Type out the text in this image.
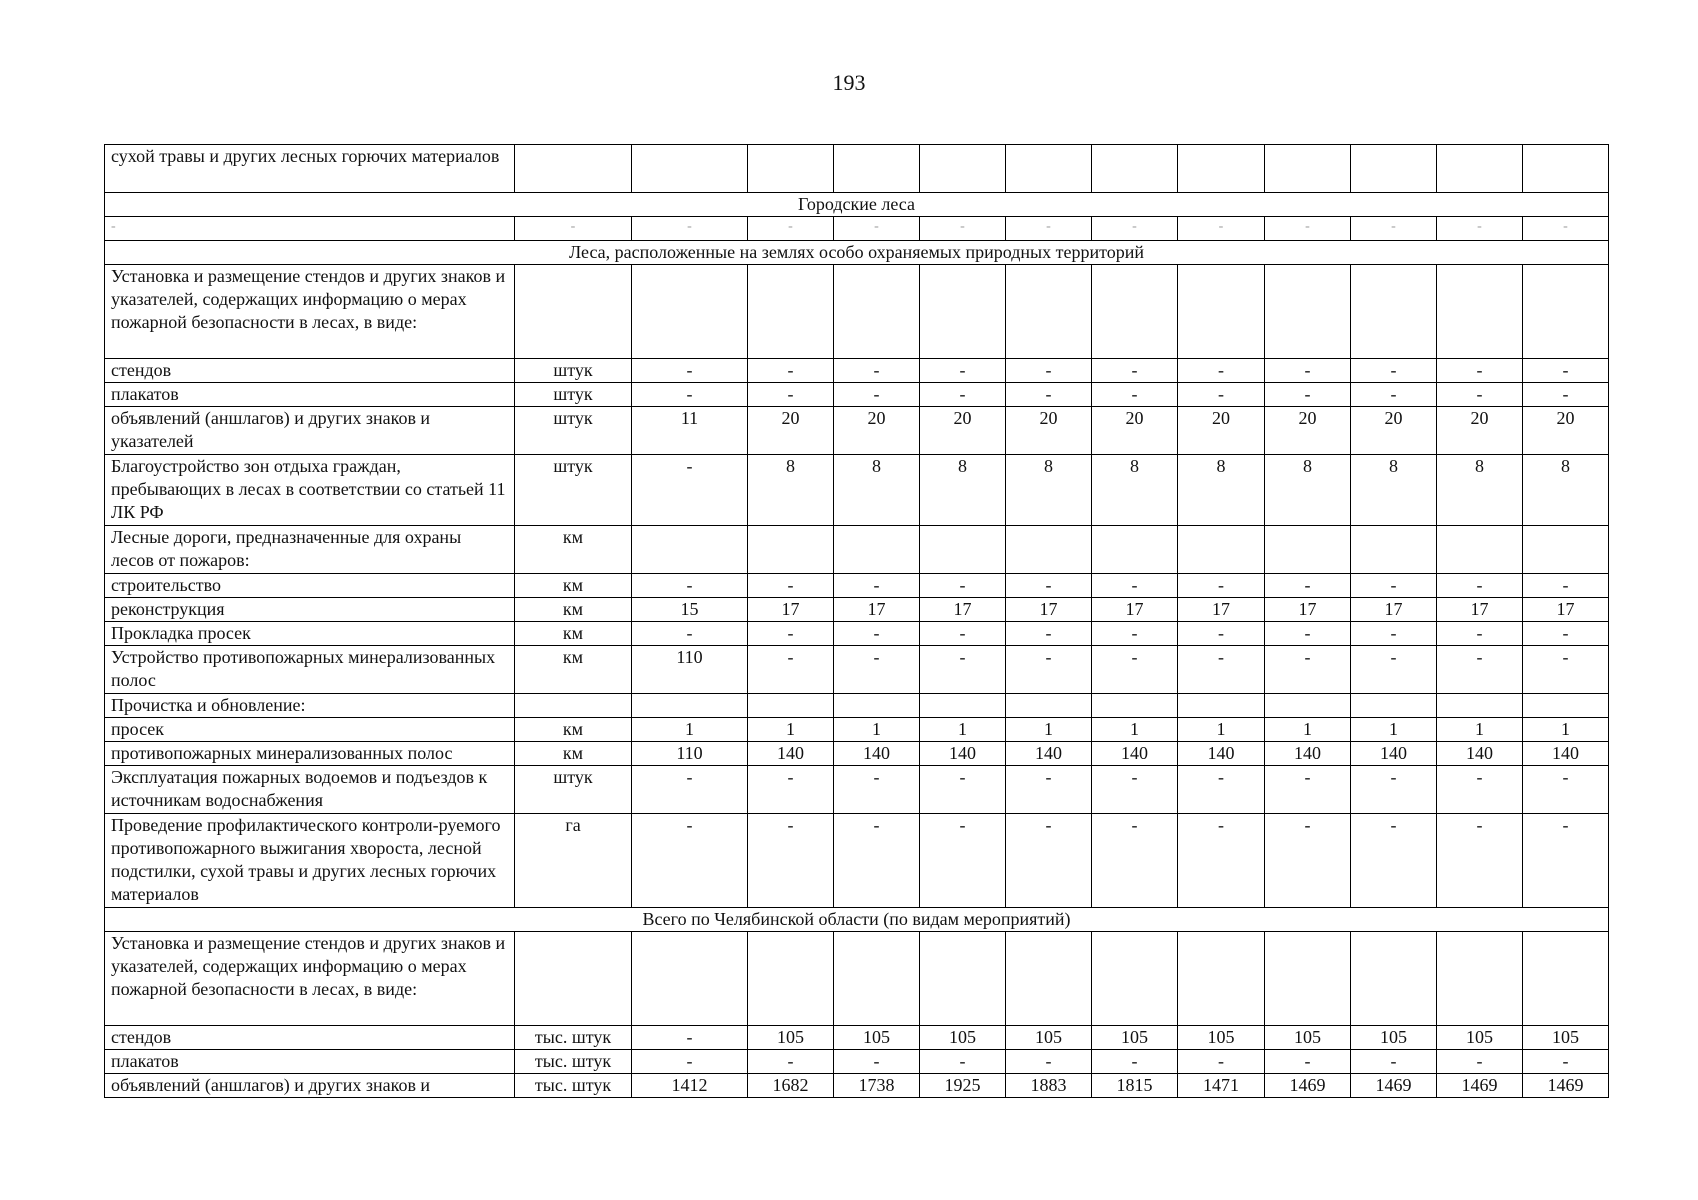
193
сухой травы и других лесных горючих материалов												
Городские леса												
-	-	-	-	-	-	-	-	-	-	-	-	-
Леса, расположенные на землях особо охраняемых природных территорий												
Установка и размещение стендов и других знаков и указателей, содержащих информацию о мерах пожарной безопасности в лесах, в виде:												
стендов	штук	-	-	-	-	-	-	-	-	-	-	-
плакатов	штук	-	-	-	-	-	-	-	-	-	-	-
объявлений (аншлагов) и других знаков и указателей	штук	11	20	20	20	20	20	20	20	20	20	20
Благоустройство зон отдыха граждан, пребывающих в лесах в соответствии со статьей 11 ЛК РФ	штук	-	8	8	8	8	8	8	8	8	8	8
Лесные дороги, предназначенные для охраны лесов от пожаров:	км											
строительство	км	-	-	-	-	-	-	-	-	-	-	-
реконструкция	км	15	17	17	17	17	17	17	17	17	17	17
Прокладка просек	км	-	-	-	-	-	-	-	-	-	-	-
Устройство противопожарных минерализованных полос	км	110	-	-	-	-	-	-	-	-	-	-
Прочистка и обновление:												
просек	км	1	1	1	1	1	1	1	1	1	1	1
противопожарных минерализованных полос	км	110	140	140	140	140	140	140	140	140	140	140
Эксплуатация пожарных водоемов и подъездов к источникам водоснабжения	штук	-	-	-	-	-	-	-	-	-	-	-
Проведение профилактического контроли-руемого противопожарного выжигания хвороста, лесной подстилки, сухой травы и других лесных горючих материалов	га	-	-	-	-	-	-	-	-	-	-	-
Всего по Челябинской области (по видам мероприятий)												
Установка и размещение стендов и других знаков и указателей, содержащих информацию о мерах пожарной безопасности в лесах, в виде:												
стендов	тыс. штук	-	105	105	105	105	105	105	105	105	105	105
плакатов	тыс. штук	-	-	-	-	-	-	-	-	-	-	-
объявлений (аншлагов) и других знаков и	тыс. штук	1412	1682	1738	1925	1883	1815	1471	1469	1469	1469	1469
